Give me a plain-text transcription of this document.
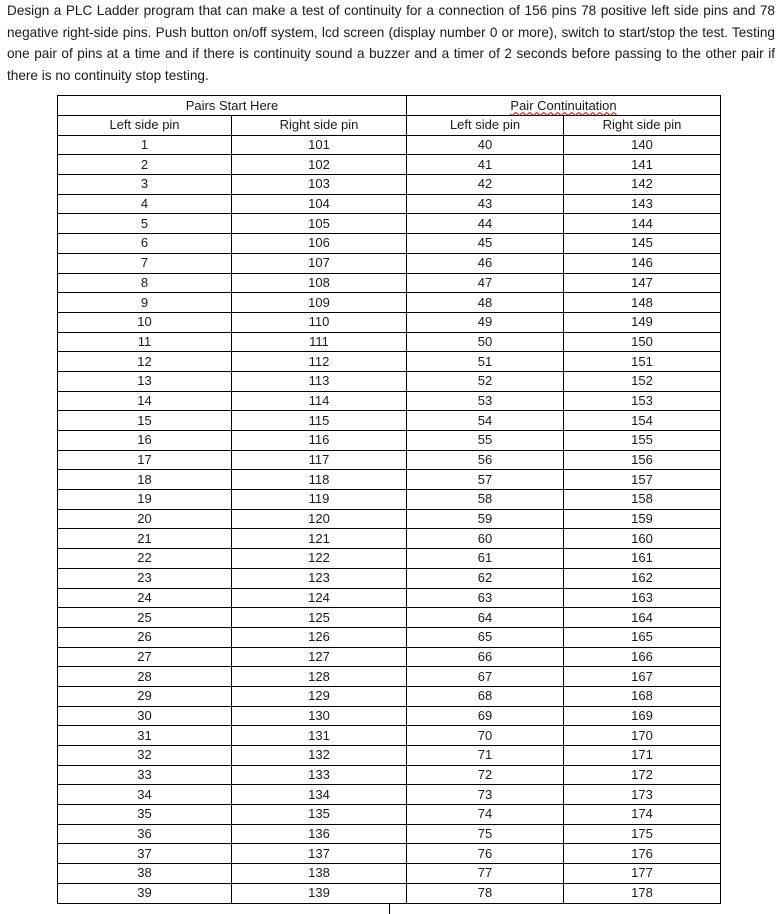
Design a PLC Ladder program that can make a test of continuity for a connection of 156 pins 78 positive left side pins and 78 negative right-side pins. Push button on/off system, lcd screen (display number 0 or more), switch to start/stop the test. Testing one pair of pins at a time and if there is continuity sound a buzzer and a timer of 2 seconds before passing to the other pair if there is no continuity stop testing.

Pairs Start Here		Pair Continuitation	
Left side pin	Right side pin	Left side pin	Right side pin
1	101	40	140
2	102	41	141
3	103	42	142
4	104	43	143
5	105	44	144
6	106	45	145
7	107	46	146
8	108	47	147
9	109	48	148
10	110	49	149
11	111	50	150
12	112	51	151
13	113	52	152
14	114	53	153
15	115	54	154
16	116	55	155
17	117	56	156
18	118	57	157
19	119	58	158
20	120	59	159
21	121	60	160
22	122	61	161
23	123	62	162
24	124	63	163
25	125	64	164
26	126	65	165
27	127	66	166
28	128	67	167
29	129	68	168
30	130	69	169
31	131	70	170
32	132	71	171
33	133	72	172
34	134	73	173
35	135	74	174
36	136	75	175
37	137	76	176
38	138	77	177
39	139	78	178
